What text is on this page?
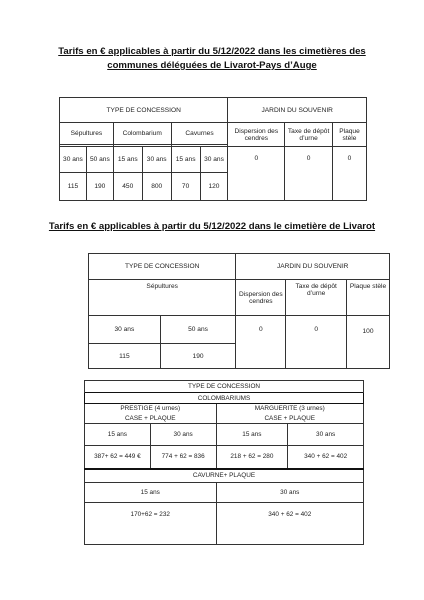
Tarifs en € applicables à partir du 5/12/2022 dans les cimetières des
communes déléguées de Livarot-Pays d’Auge
TYPE DE CONCESSION						JARDIN DU SOUVENIR		
Sépultures		Colombarium		Cavurnes		Dispersion des cendres	Taxe de dépôt d’urne	Plaque stèle

30 ans	50 ans	15 ans	30 ans	15 ans	30 ans	0	0	0
115	190	450	800	70	120			
Tarifs en € applicables à partir du 5/12/2022 dans le cimetière de Livarot
TYPE DE CONCESSION		JARDIN DU SOUVENIR		
Sépultures		Dispersion des cendres	Taxe de dépôt d’urne	Plaque stèle
30 ans	50 ans	0	0	100
115	190			
TYPE DE CONCESSION			
COLOMBARIUMS			
PRESTIGE (4 urnes)		MARGUERITE (3 urnes)	
CASE + PLAQUE		CASE + PLAQUE	
15 ans	30 ans	15 ans	30 ans
387+ 62 = 449 €	774 + 62 = 836	218 + 62 = 280	340 + 62 = 402
CAVURNE+ PLAQUE			
15 ans		30 ans	
170+62 = 232		340 + 62 = 402	
